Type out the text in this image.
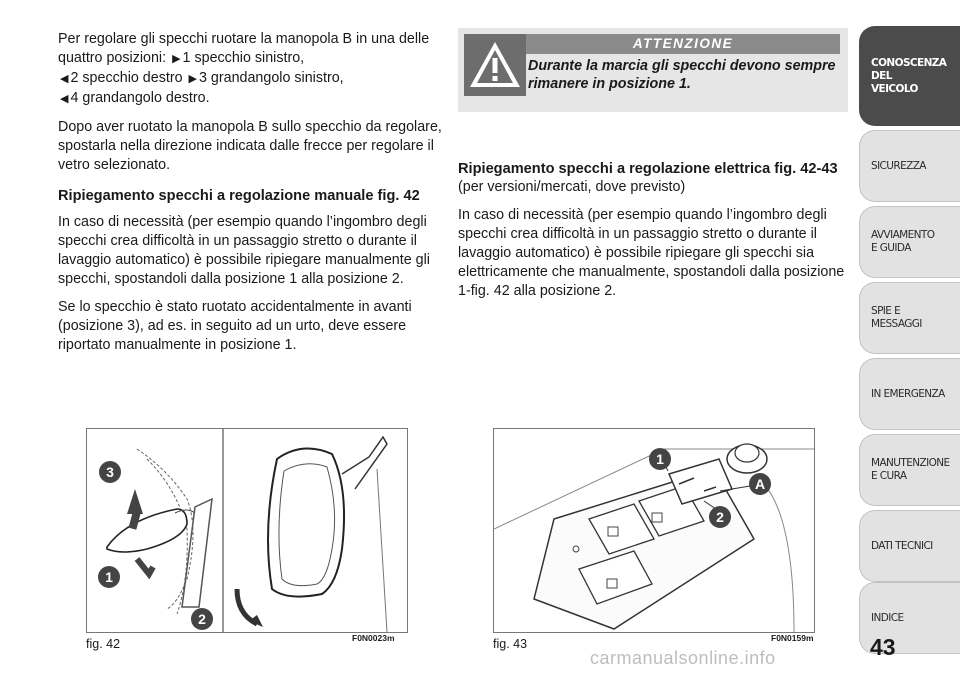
Per regolare gli specchi ruotare la manopola B in una delle quattro posizioni: ▶ 1 specchio sinistro,
◀ 2 specchio destro ▶ 3 grandangolo sinistro,
◀ 4 grandangolo destro.

Dopo aver ruotato la manopola B sullo specchio da regolare, spostarla nella direzione indicata dalle frecce per regolare il vetro selezionato.

Ripiegamento specchi a regolazione manuale fig. 42

In caso di necessità (per esempio quando l’ingombro degli specchi crea difficoltà in un passaggio stretto o durante il lavaggio automatico) è possibile ripiegare manualmente gli specchi, spostandoli dalla posizione 1 alla posizione 2.

Se lo specchio è stato ruotato accidentalmente in avanti (posizione 3), ad es. in seguito ad un urto, deve essere riportato manualmente in posizione 1.

ATTENZIONE
Durante la marcia gli specchi devono sempre rimanere in posizione 1.
Ripiegamento specchi a regolazione elettrica fig. 42-43

(per versioni/mercati, dove previsto)

In caso di necessità (per esempio quando l’ingombro degli specchi crea difficoltà in un passaggio stretto o durante il lavaggio automatico) è possibile ripiegare gli specchi sia elettricamente che manualmente, spostandoli dalla posizione 1-fig. 42 alla posizione 2.

3
1
2
fig. 42	F0N0023m
1
A
2
fig. 43	F0N0159m
CONOSCENZA
DEL
VEICOLO
SICUREZZA
AVVIAMENTO
E GUIDA
SPIE E
MESSAGGI
IN EMERGENZA
MANUTENZIONE
E CURA
DATI TECNICI
INDICE
43
carmanualsonline.info
